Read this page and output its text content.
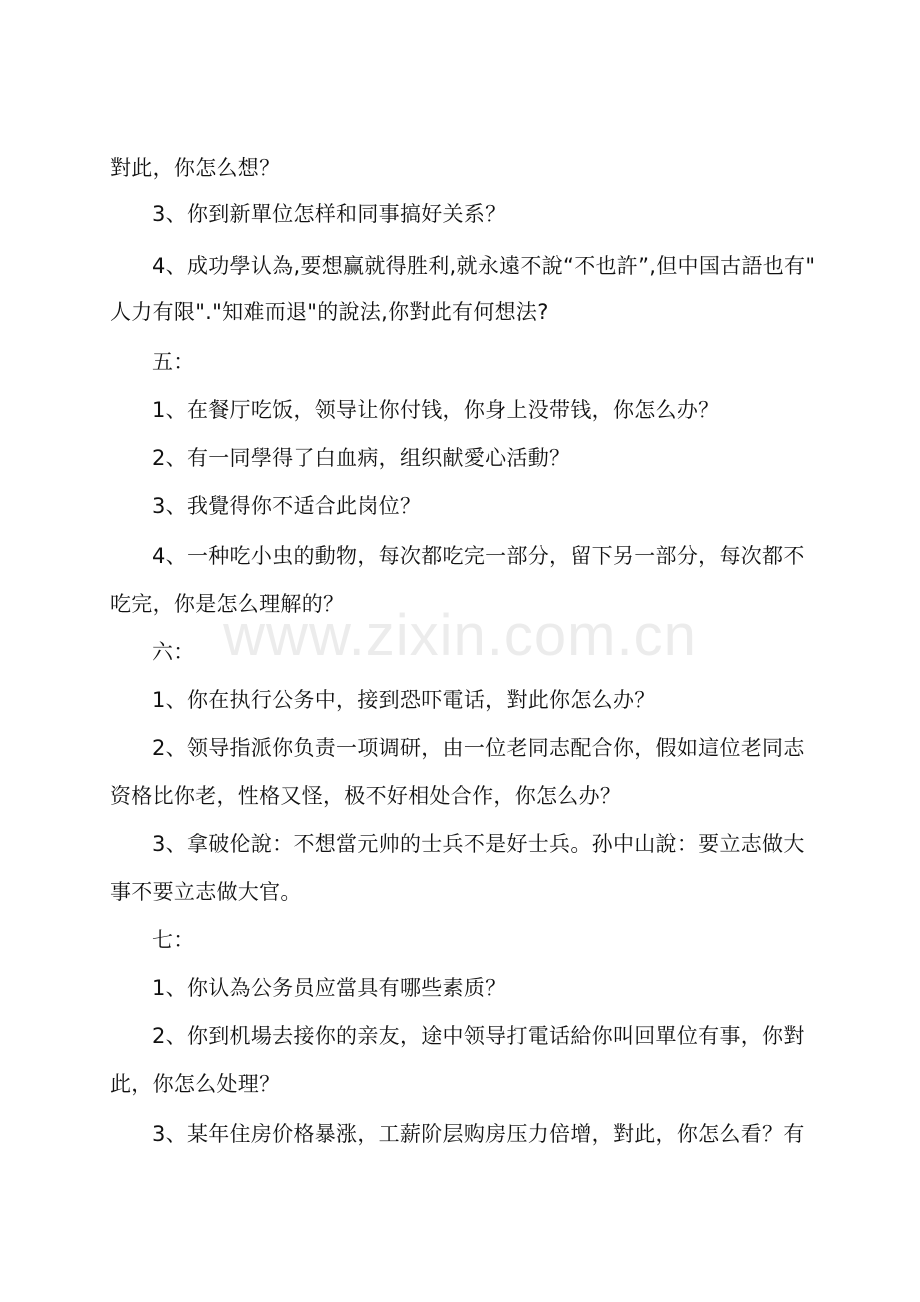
對此，你怎么想？
3、你到新單位怎样和同事搞好关系？
4、成功學认為,要想赢就得胜利,就永遠不說“不也許”,但中国古語也有"
人力有限"."知难而退"的說法,你對此有何想法?
五：
1、在餐厅吃饭，领导让你付钱，你身上没带钱，你怎么办？
2、有一同學得了白血病，组织献愛心活動？
3、我覺得你不适合此岗位？
4、一种吃小虫的動物，每次都吃完一部分，留下另一部分，每次都不
吃完，你是怎么理解的？
六：
1、你在执行公务中，接到恐吓電话，對此你怎么办？
2、领导指派你负责一项调研，由一位老同志配合你，假如這位老同志
资格比你老，性格又怪，极不好相处合作，你怎么办？
3、拿破伦說：不想當元帅的士兵不是好士兵。孙中山說：要立志做大
事不要立志做大官。
七：
1、你认為公务员应當具有哪些素质？
2、你到机場去接你的亲友，途中领导打電话給你叫回單位有事，你對
此，你怎么处理？
3、某年住房价格暴涨，工薪阶层购房压力倍增，對此，你怎么看？有
www.zixin.com.cn
